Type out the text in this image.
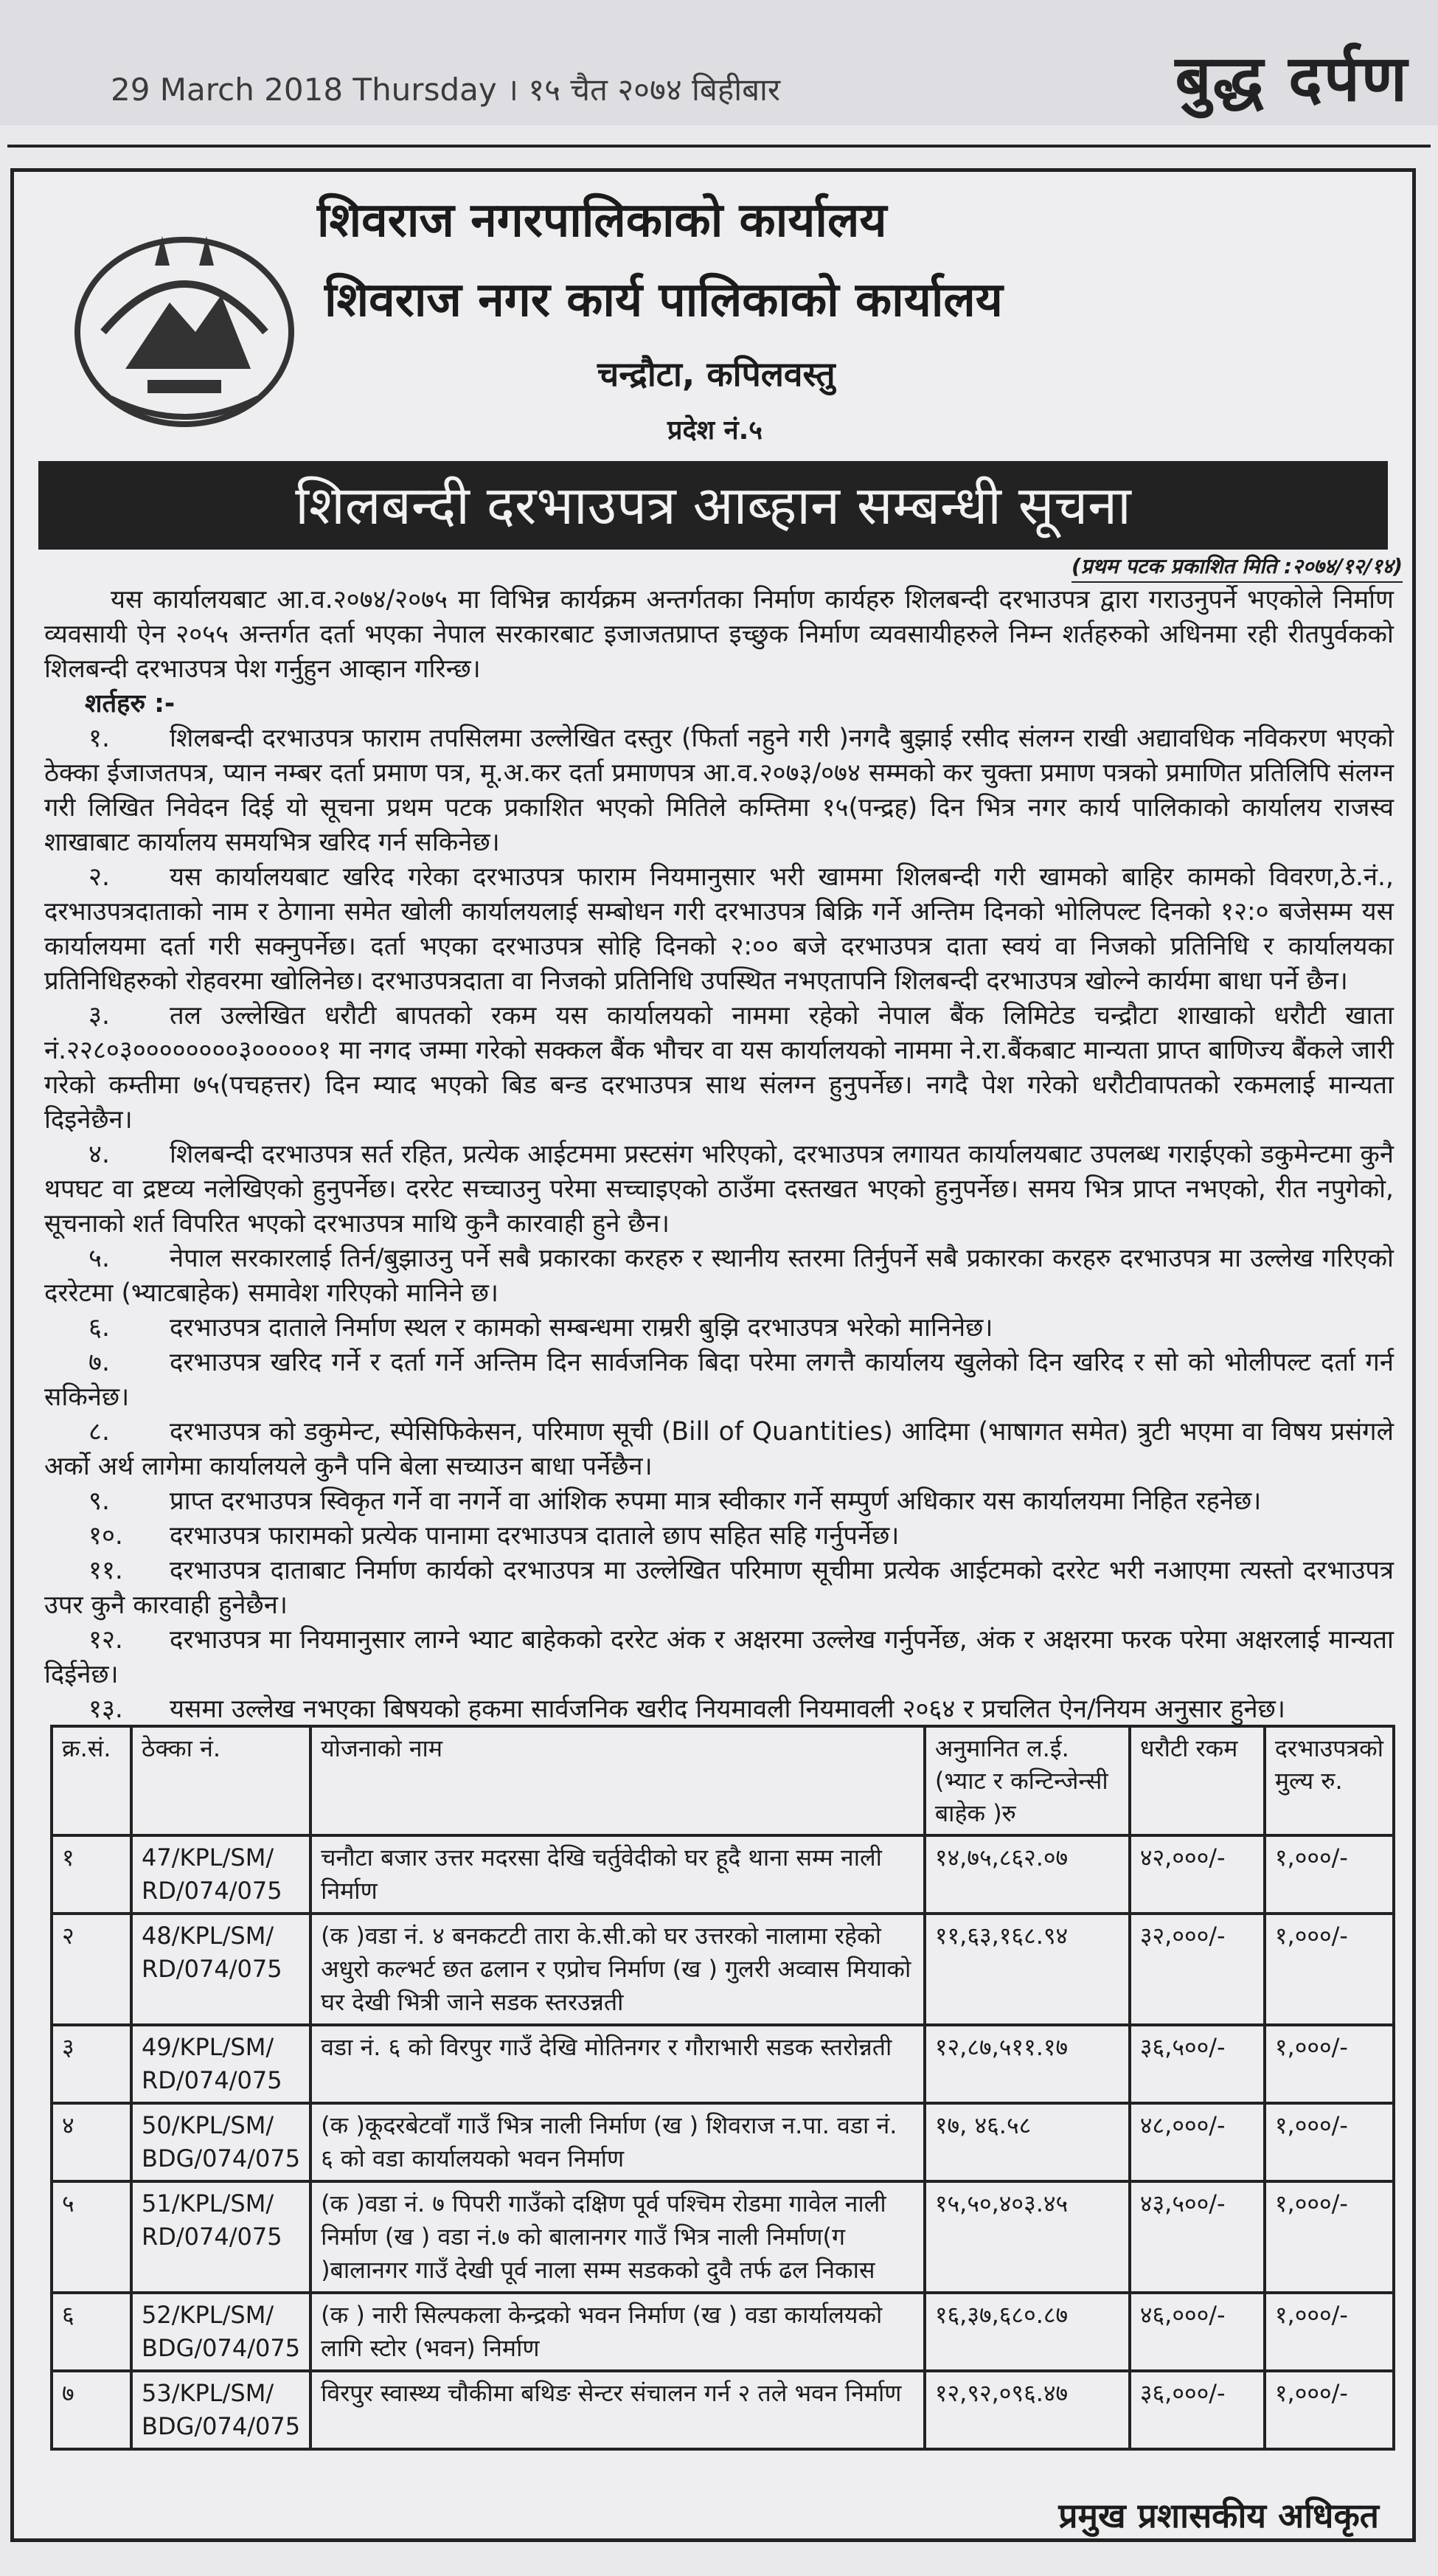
29 March 2018 Thursday । १५ चैत २०७४ बिहीबार	बुद्ध दर्पण
शिवराज नगरपालिकाको कार्यालय
शिवराज नगर कार्य पालिकाको कार्यालय
चन्द्रौटा, कपिलवस्तु
प्रदेश नं.५
शिलबन्दी दरभाउपत्र आब्हान सम्बन्धी सूचना
(प्रथम पटक प्रकाशित मिति :२०७४/१२/१४)

यस कार्यालयबाट आ.व.२०७४/२०७५ मा विभिन्न कार्यक्रम अन्तर्गतका निर्माण कार्यहरु शिलबन्दी दरभाउपत्र द्वारा गराउनुपर्ने भएकोले निर्माण व्यवसायी ऐन २०५५ अन्तर्गत दर्ता भएका नेपाल सरकारबाट इजाजतप्राप्त इच्छुक निर्माण व्यवसायीहरुले निम्न शर्तहरुको अधिनमा रही रीतपुर्वकको शिलबन्दी दरभाउपत्र पेश गर्नुहुन आव्हान गरिन्छ।

शर्तहरु :-

१. शिलबन्दी दरभाउपत्र फाराम तपसिलमा उल्लेखित दस्तुर (फिर्ता नहुने गरी )नगदै बुझाई रसीद संलग्न राखी अद्यावधिक नविकरण भएको ठेक्का ईजाजतपत्र, प्यान नम्बर दर्ता प्रमाण पत्र, मू.अ.कर दर्ता प्रमाणपत्र आ.व.२०७३/०७४ सम्मको कर चुक्ता प्रमाण पत्रको प्रमाणित प्रतिलिपि संलग्न गरी लिखित निवेदन दिई यो सूचना प्रथम पटक प्रकाशित भएको मितिले कम्तिमा १५(पन्द्रह) दिन भित्र नगर कार्य पालिकाको कार्यालय राजस्व शाखाबाट कार्यालय समयभित्र खरिद गर्न सकिनेछ।

२. यस कार्यालयबाट खरिद गरेका दरभाउपत्र फाराम नियमानुसार भरी खाममा शिलबन्दी गरी खामको बाहिर कामको विवरण,ठे.नं., दरभाउपत्रदाताको नाम र ठेगाना समेत खोली कार्यालयलाई सम्बोधन गरी दरभाउपत्र बिक्रि गर्ने अन्तिम दिनको भोलिपल्ट दिनको १२:० बजेसम्म यस कार्यालयमा दर्ता गरी सक्नुपर्नेछ। दर्ता भएका दरभाउपत्र सोहि दिनको २:०० बजे दरभाउपत्र दाता स्वयं वा निजको प्रतिनिधि र कार्यालयका प्रतिनिधिहरुको रोहवरमा खोलिनेछ। दरभाउपत्रदाता वा निजको प्रतिनिधि उपस्थित नभएतापनि शिलबन्दी दरभाउपत्र खोल्ने कार्यमा बाधा पर्ने छैन।

३. तल उल्लेखित धरौटी बापतको रकम यस कार्यालयको नाममा रहेको नेपाल बैंक लिमिटेड चन्द्रौटा शाखाको धरौटी खाता नं.२२८०३००००००००३०००००१ मा नगद जम्मा गरेको सक्कल बैंक भौचर वा यस कार्यालयको नाममा ने.रा.बैंकबाट मान्यता प्राप्त बाणिज्य बैंकले जारी गरेको कम्तीमा ७५(पचहत्तर) दिन म्याद भएको बिड बन्ड दरभाउपत्र साथ संलग्न हुनुपर्नेछ। नगदै पेश गरेको धरौटीवापतको रकमलाई मान्यता दिइनेछैन।

४. शिलबन्दी दरभाउपत्र सर्त रहित, प्रत्येक आईटममा प्रस्टसंग भरिएको, दरभाउपत्र लगायत कार्यालयबाट उपलब्ध गराईएको डकुमेन्टमा कुनै थपघट वा द्रष्टव्य नलेखिएको हुनुपर्नेछ। दररेट सच्चाउनु परेमा सच्चाइएको ठाउँमा दस्तखत भएको हुनुपर्नेछ। समय भित्र प्राप्त नभएको, रीत नपुगेको, सूचनाको शर्त विपरित भएको दरभाउपत्र माथि कुनै कारवाही हुने छैन।

५. नेपाल सरकारलाई तिर्न/बुझाउनु पर्ने सबै प्रकारका करहरु र स्थानीय स्तरमा तिर्नुपर्ने सबै प्रकारका करहरु दरभाउपत्र मा उल्लेख गरिएको दररेटमा (भ्याटबाहेक) समावेश गरिएको मानिने छ।

६. दरभाउपत्र दाताले निर्माण स्थल र कामको सम्बन्धमा राम्ररी बुझि दरभाउपत्र भरेको मानिनेछ।

७. दरभाउपत्र खरिद गर्ने र दर्ता गर्ने अन्तिम दिन सार्वजनिक बिदा परेमा लगत्तै कार्यालय खुलेको दिन खरिद र सो को भोलीपल्ट दर्ता गर्न सकिनेछ।

८. दरभाउपत्र को डकुमेन्ट, स्पेसिफिकेसन, परिमाण सूची (Bill of Quantities) आदिमा (भाषागत समेत) त्रुटी भएमा वा विषय प्रसंगले अर्को अर्थ लागेमा कार्यालयले कुनै पनि बेला सच्याउन बाधा पर्नेछैन।

९. प्राप्त दरभाउपत्र स्विकृत गर्ने वा नगर्ने वा आंशिक रुपमा मात्र स्वीकार गर्ने सम्पुर्ण अधिकार यस कार्यालयमा निहित रहनेछ।

१०. दरभाउपत्र फारामको प्रत्येक पानामा दरभाउपत्र दाताले छाप सहित सहि गर्नुपर्नेछ।

११. दरभाउपत्र दाताबाट निर्माण कार्यको दरभाउपत्र मा उल्लेखित परिमाण सूचीमा प्रत्येक आईटमको दररेट भरी नआएमा त्यस्तो दरभाउपत्र उपर कुनै कारवाही हुनेछैन।

१२. दरभाउपत्र मा नियमानुसार लाग्ने भ्याट बाहेकको दररेट अंक र अक्षरमा उल्लेख गर्नुपर्नेछ, अंक र अक्षरमा फरक परेमा अक्षरलाई मान्यता दिईनेछ।

१३. यसमा उल्लेख नभएका बिषयको हकमा सार्वजनिक खरीद नियमावली नियमावली २०६४ र प्रचलित ऐन/नियम अनुसार हुनेछ।

क्र.सं.	ठेक्का नं.	योजनाको नाम	अनुमानित ल.ई.(भ्याट र कन्टिन्जेन्सी बाहेक )रु	धरौटी रकम	दरभाउपत्रको मुल्य रु.
१	47/KPL/SM/ RD/074/075	चनौटा बजार उत्तर मदरसा देखि चर्तुवेदीको घर हूदै थाना सम्म नाली निर्माण	१४,७५,८६२.०७	४२,०००/-	१,०००/-
२	48/KPL/SM/ RD/074/075	(क )वडा नं. ४ बनकटटी तारा के.सी.को घर उत्तरको नालामा रहेको अधुरो कल्भर्ट छत ढलान र एप्रोच निर्माण (ख ) गुलरी अव्वास मियाको घर देखी भित्री जाने सडक स्तरउन्नती	११,६३,१६८.९४	३२,०००/-	१,०००/-
३	49/KPL/SM/ RD/074/075	वडा नं. ६ को विरपुर गाउँ देखि मोतिनगर र गौराभारी सडक स्तरोन्नती	१२,८७,५११.१७	३६,५००/-	१,०००/-
४	50/KPL/SM/ BDG/074/075	(क )कूदरबेटवाँ गाउँ भित्र नाली निर्माण (ख ) शिवराज न.पा. वडा नं. ६ को वडा कार्यालयको भवन निर्माण	१७, ४६.५८	४८,०००/-	१,०००/-
५	51/KPL/SM/ RD/074/075	(क )वडा नं. ७ पिपरी गाउँको दक्षिण पूर्व पश्चिम रोडमा गावेल नाली निर्माण (ख ) वडा नं.७ को बालानगर गाउँ भित्र नाली निर्माण(ग )बालानगर गाउँ देखी पूर्व नाला सम्म सडकको दुवै तर्फ ढल निकास	१५,५०,४०३.४५	४३,५००/-	१,०००/-
६	52/KPL/SM/ BDG/074/075	(क ) नारी सिल्पकला केन्द्रको भवन निर्माण (ख ) वडा कार्यालयको लागि स्टोर (भवन) निर्माण	१६,३७,६८०.८७	४६,०००/-	१,०००/-
७	53/KPL/SM/ BDG/074/075	विरपुर स्वास्थ्य चौकीमा बथिङ सेन्टर संचालन गर्न २ तले भवन निर्माण	१२,९२,०९६.४७	३६,०००/-	१,०००/-
प्रमुख प्रशासकीय अधिकृत
